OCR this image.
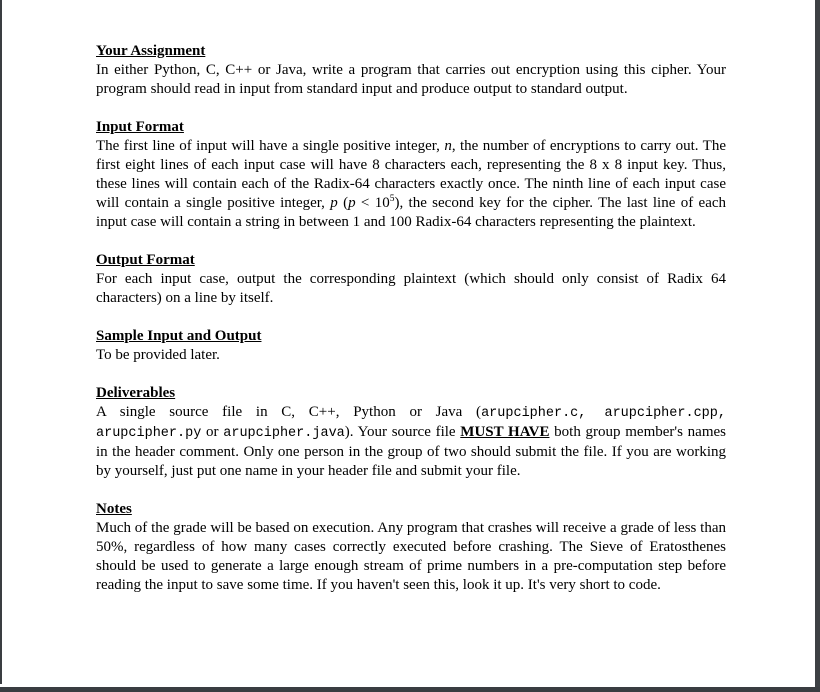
Your Assignment
In either Python, C, C++ or Java, write a program that carries out encryption using this cipher. Your program should read in input from standard input and produce output to standard output.
Input Format
The first line of input will have a single positive integer, n, the number of encryptions to carry out. The first eight lines of each input case will have 8 characters each, representing the 8 x 8 input key. Thus, these lines will contain each of the Radix-64 characters exactly once. The ninth line of each input case will contain a single positive integer, p $(p < 10^5)$, the second key for the cipher. The last line of each input case will contain a string in between 1 and 100 Radix-64 characters representing the plaintext.
Output Format
For each input case, output the corresponding plaintext (which should only consist of Radix 64 characters) on a line by itself.
Sample Input and Output
To be provided later.
Deliverables
A single source file in C, C++, Python or Java (arupcipher.c, arupcipher.cpp, arupcipher.py or arupcipher.java). Your source file MUST HAVE both group member's names in the header comment. Only one person in the group of two should submit the file. If you are working by yourself, just put one name in your header file and submit your file.
Notes
Much of the grade will be based on execution. Any program that crashes will receive a grade of less than 50%, regardless of how many cases correctly executed before crashing. The Sieve of Eratosthenes should be used to generate a large enough stream of prime numbers in a pre-computation step before reading the input to save some time. If you haven't seen this, look it up. It's very short to code.
